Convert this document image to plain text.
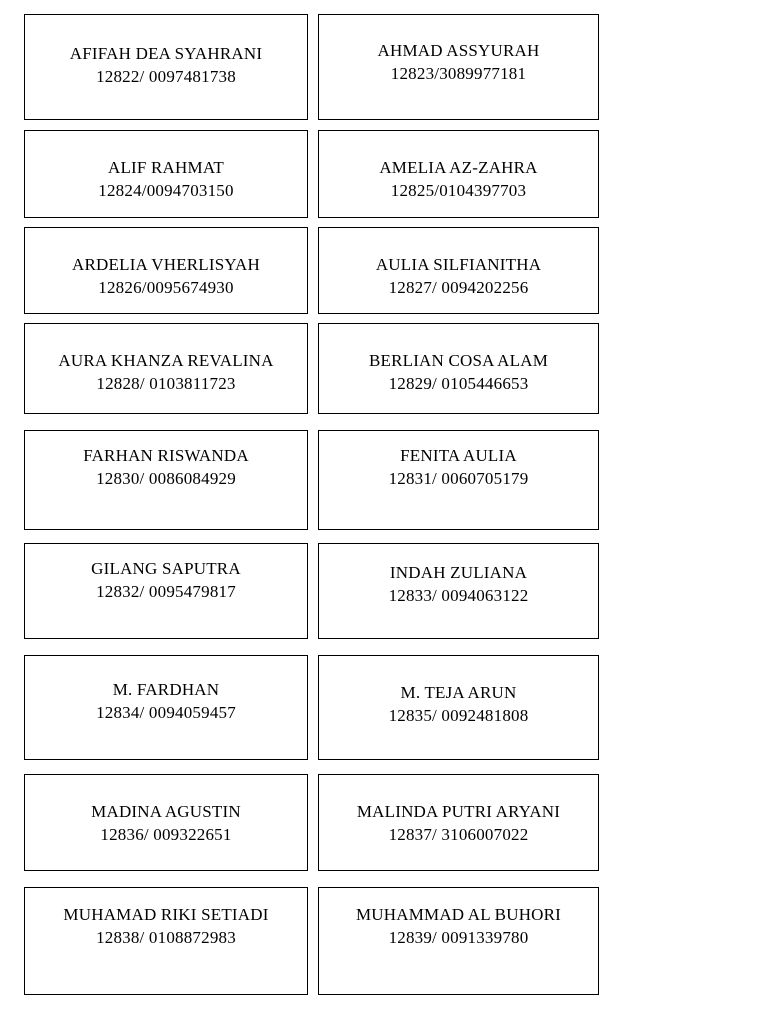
AFIFAH DEA SYAHRANI
12822/ 0097481738
AHMAD ASSYURAH
12823/3089977181
ALIF RAHMAT
12824/0094703150
AMELIA AZ-ZAHRA
12825/0104397703
ARDELIA VHERLISYAH
12826/0095674930
AULIA SILFIANITHA
12827/ 0094202256
AURA KHANZA REVALINA
12828/ 0103811723
BERLIAN COSA ALAM
12829/ 0105446653
FARHAN RISWANDA
12830/ 0086084929
FENITA AULIA
12831/ 0060705179
GILANG SAPUTRA
12832/ 0095479817
INDAH ZULIANA
12833/ 0094063122
M. FARDHAN
12834/ 0094059457
M. TEJA ARUN
12835/ 0092481808
MADINA AGUSTIN
12836/ 009322651
MALINDA PUTRI ARYANI
12837/ 3106007022
MUHAMAD RIKI SETIADI
12838/ 0108872983
MUHAMMAD AL BUHORI
12839/ 0091339780
